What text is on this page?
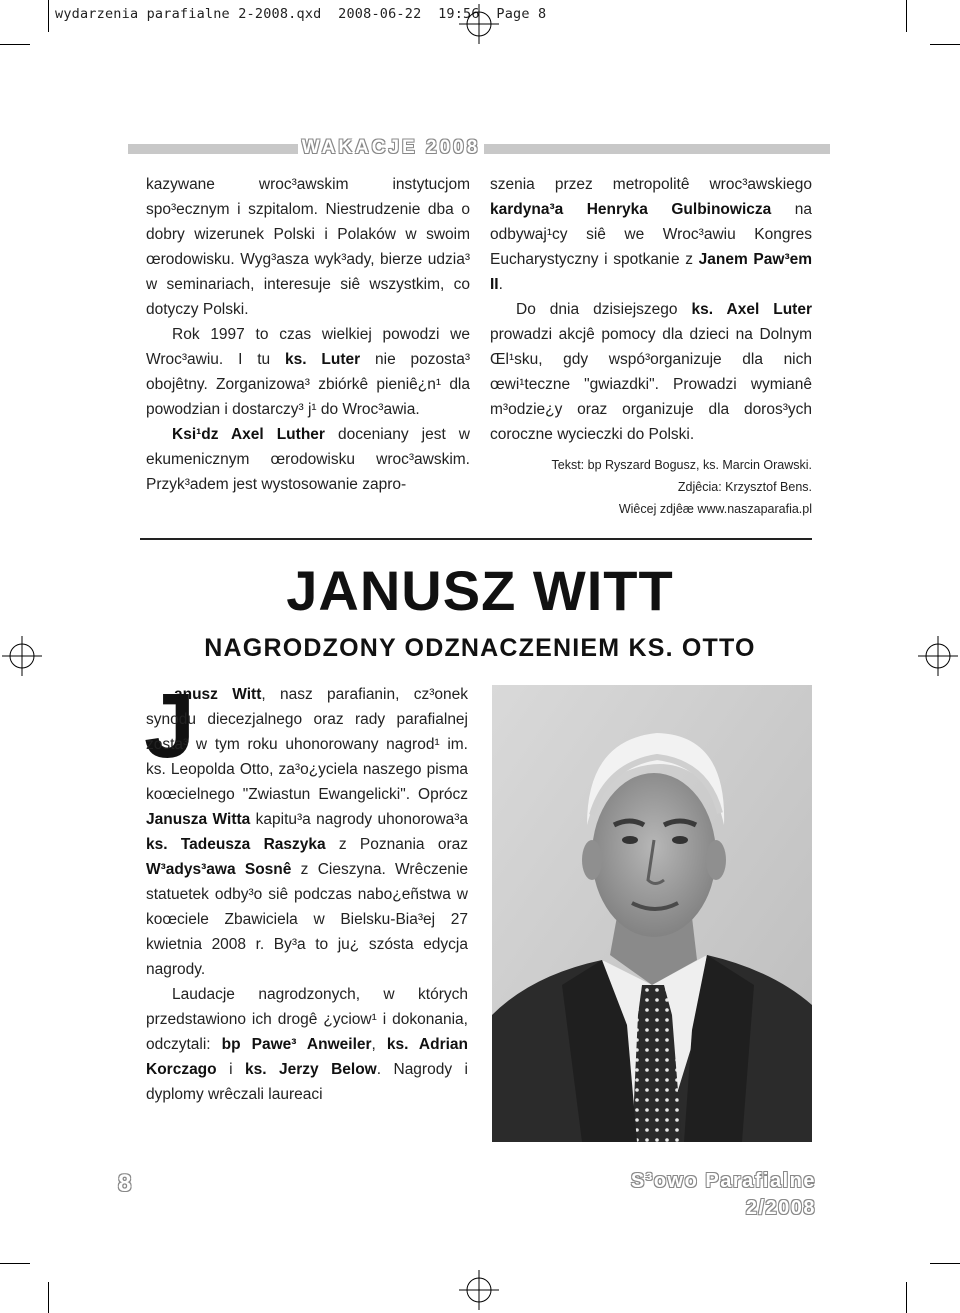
wydarzenia parafialne 2-2008.qxd  2008-06-22  19:56  Page 8
WAKACJE 2008

kazywane wroc³awskim instytucjom spo³ecznym i szpitalom. Niestrudzenie dba o dobry wizerunek Polski i Polaków w swoim œrodowisku. Wyg³asza wyk³ady, bierze udzia³ w seminariach, interesuje siê wszystkim, co dotyczy Polski.

Rok 1997 to czas wielkiej powodzi we Wroc³awiu. I tu ks. Luter nie pozosta³ obojêtny. Zorganizowa³ zbiórkê pieniê¿n¹ dla powodzian i dostarczy³ j¹ do Wroc³awia.

Ksi¹dz Axel Luther doceniany jest w ekumenicznym œrodowisku wroc³awskim. Przyk³adem jest wystosowanie zapro-

szenia przez metropolitê wroc³awskiego kardyna³a Henryka Gulbinowicza na odbywaj¹cy siê we Wroc³awiu Kongres Eucharystyczny i spotkanie z Janem Paw³em II.

Do dnia dzisiejszego ks. Axel Luter prowadzi akcjê pomocy dla dzieci na Dolnym Œl¹sku, gdy wspó³organizuje dla nich œwi¹teczne "gwiazdki". Prowadzi wymianê m³odzie¿y oraz organizuje dla doros³ych coroczne wycieczki do Polski.

Tekst: bp Ryszard Bogusz, ks. Marcin Orawski.
Zdjêcia: Krzysztof Bens.
Wiêcej zdjêæ www.naszaparafia.pl
JANUSZ WITT
NAGRODZONY ODZNACZENIEM KS. OTTO
J

anusz Witt, nasz parafianin, cz³onek synodu diecezjalnego oraz rady parafialnej zosta³ w tym roku uhonorowany nagrod¹ im. ks. Leopolda Otto, za³o¿yciela naszego pisma koœcielnego "Zwiastun Ewangelicki". Oprócz Janusza Witta kapitu³a nagrody uhonorowa³a ks. Tadeusza Raszyka z Poznania oraz W³adys³awa Sosnê z Cieszyna. Wrêczenie statuetek odby³o siê podczas nabo¿eñstwa w koœciele Zbawiciela w Bielsku-Bia³ej 27 kwietnia 2008 r. By³a to ju¿ szósta edycja nagrody.

Laudacje nagrodzonych, w których przedstawiono ich drogê ¿yciow¹ i dokonania, odczytali: bp Pawe³ Anweiler, ks. Adrian Korczago i ks. Jerzy Below. Nagrody i dyplomy wrêczali laureaci

8	S³owo Parafialne
2/2008
